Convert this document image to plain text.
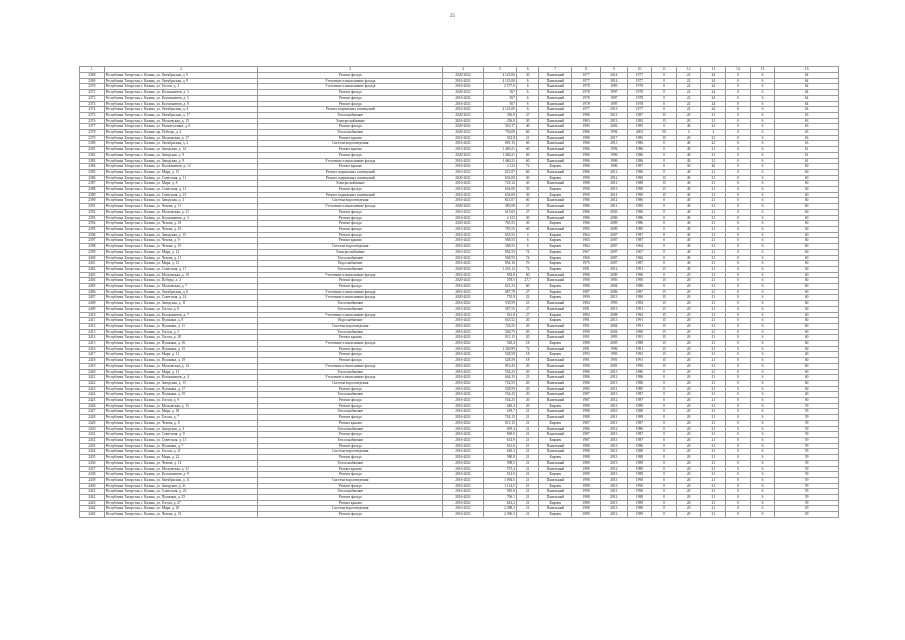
25
1	2	3	4	5	6	7	8	9	10	11	12	13	14	15	16
2368	Республика Татарстан, г. Казань, ул. Октябрьская, д. 9	Ремонт фасада	2020-2022	4 123,00	30	Панельный	1977	2014	1977	0	22	24	0	6	64
2369	Республика Татарстан, г. Казань, ул. Октябрьская, д. 9	Утепление и выполнение фасада	2016-2021	4 123,00	6	Панельный	1977	2014	1977	0	22	24	0	6	64
2370	Республика Татарстан, г. Казань, ул. Гоголя, д. 1	Утепление и выполнение фасада	2016-2021	2 577,0	6	Панельный	1978	1995	1978	0	22	24	0	6	64
2371	Республика Татарстан, г. Казань, ул. Космонавтов, д. 5	Ремонт фасада	2020-2021	567	6	Панельный	1978	1997	1978	0	22	24	0	6	64
2372	Республика Татарстан, г. Казань, ул. Космонавтов, д. 5	Ремонт фасада	2016-2021	567	6	Панельный	1978	1997	1978	0	22	24	0	6	64
2373	Республика Татарстан, г. Казань, ул. Космонавтов, д. 8	Ремонт фасада	2016-2021	567	6	Панельный	1978	1995	1978	0	22	24	0	6	64
2374	Республика Татарстан, г. Казань, ул. Октябрьская, д. 4	Ремонт подвальных помещений	2016-2021	4 123,00	6	Панельный	1977	2013	1977	0	22	24	0	6	64
2375	Республика Татарстан, г. Казань, ул. Октябрьская, д. 17	Теплоснабжение	2020-2021	356,8	27	Панельный	1980	2012	1987	15	20	21	0	6	63
2376	Республика Татарстан, г. Казань, ул. Московская, д. 15	Электроснабжение	2016-2021	356,8	30	Панельный	1983	2013	1983	15	20	21	0	6	63
2377	Республика Татарстан, г. Казань, ул. Рахматуллина, д. 6	Ремонт фасада	2020-2021	310,17	40	Панельный	1985	2002	1985	0	40	22	0	6	63
2378	Республика Татарстан, г. Казань, пр. Победы, д. 4	Теплоснабжение	2020-2021	756,00	60	Панельный	1986	1994	2003	50	4	3	0	6	63
2379	Республика Татарстан, г. Казань, ул. Московская, д. 17	Ремонт крыши	2016-2021	352,8	21	Панельный	1980	2017	1985	15	20	21	0	6	63
2380	Республика Татарстан, г. Казань, ул. Октябрьская, д. 2	Система водоотведения	2016-2021	801,15	60	Панельный	1986	2013	1986	0	40	22	0	6	63
2381	Республика Татарстан, г. Казань, ул. Заводская, д. 14	Ремонт крыши	2016-2021	1 460,21	60	Панельный	1986	1994	1986	0	40	21	0	6	61
2382	Республика Татарстан, г. Казань, ул. Заводская, д. 9	Ремонт фасада	2020-2021	1 460,21	60	Панельный	1986	1996	1986	0	40	21	0	6	61
2383	Республика Татарстан, г. Казань, ул. Заводская, д. 9	Утепление и выполнение фасада	2016-2021	1 460,21	60	Панельный	1986	1996	1986	0	40	21	0	6	61
2384	Республика Татарстан, г. Казань, ул. Космонавтов, д. 12	Ремонт крыши	2016-2021	4 123	72	Кирпич	1988	1996	1987	0	30	26	0	6	60
2385	Республика Татарстан, г. Казань, ул. Мира, д. 15	Ремонт подвальных помещений	2016-2021	821,07	60	Панельный	1986	2012	1986	0	40	21	0	6	60
2386	Республика Татарстан, г. Казань, ул. Советская, д. 11	Ремонт подвальных помещений	2020-2021	654,00	30	Кирпич	1990	2012	1990	15	40	21	0	6	60
2387	Республика Татарстан, г. Казань, ул. Мира, д. 8	Электроснабжение	2016-2021	723,12	45	Панельный	1988	2012	1988	15	40	21	0	6	60
2388	Республика Татарстан, г. Казань, ул. Советская, д. 13	Ремонт фасада	2016-2021	654,00	30	Кирпич	1990	2013	1990	15	40	21	0	6	60
2389	Республика Татарстан, г. Казань, ул. Советская, д. 15	Ремонт подвальных помещений	2016-2021	654,00	30	Кирпич	1990	2014	1990	15	40	21	0	6	60
2390	Республика Татарстан, г. Казань, ул. Заводская, д. 3	Система водоотведения	2016-2021	821,07	60	Панельный	1986	2012	1986	0	40	21	0	6	60
2391	Республика Татарстан, г. Казань, ул. Чехова, д. 11	Утепление и выполнение фасада	2020-2021	385,08	27	Панельный	1986	2011	1985	0	40	21	0	6	60
2392	Республика Татарстан, г. Казань, ул. Московская, д. 21	Ремонт фасада	2016-2021	615,65	27	Панельный	1986	2003	1986	0	40	21	0	6	60
2393	Республика Татарстан, г. Казань, ул. Космонавтов, д. 3	Ремонт фасада	2016-2021	4 123	30	Панельный	1986	2000	1986	0	40	21	0	6	60
2394	Республика Татарстан, г. Казань, ул. Чехова, д. 18	Ремонт фасада	2020-2021	765,55	20	Кирпич	1986	2009	1986	0	40	21	0	6	60
2395	Республика Татарстан, г. Казань, ул. Чехова, д. 10	Ремонт фасада	2016-2021	765,55	60	Панельный	1985	2009	1985	0	40	21	0	6	60
2396	Республика Татарстан, г. Казань, ул. Заводская, д. 15	Ремонт фасада	2016-2021	655,55	4	Кирпич	1964	2007	1987	0	40	21	0	6	60
2397	Республика Татарстан, г. Казань, ул. Чехова, д. 9	Ремонт крыши	2016-2021	568,55	6	Кирпич	1965	2007	1987	0	40	21	0	6	60
2398	Республика Татарстан, г. Казань, ул. Чехова, д. 10	Система водоотведения	2016-2021	568,55	6	Кирпич	1964	2007	1964	0	40	21	0	6	60
2399	Республика Татарстан, г. Казань, ул. Мира, д. 12	Электроснабжение	2016-2021	854,55	74	Кирпич	1967	2007	1967	0	40	21	0	6	60
2400	Республика Татарстан, г. Казань, ул. Чехова, д. 11	Теплоснабжение	2016-2021	568,55	74	Кирпич	1966	2007	1966	0	40	21	0	6	60
2401	Республика Татарстан, г. Казань, ул. Мира, д. 13	Водоснабжение	2016-2021	854,10	70	Кирпич	1975	2007	1987	0	40	21	0	6	60
2402	Республика Татарстан, г. Казань, ул. Советская, д. 17	Теплоснабжение	2020-2021	1 241,12	72	Кирпич	1991	2012	1991	15	40	21	0	6	60
2403	Республика Татарстан, г. Казань, ул. Московская, д. 19	Утепление и выполнение фасада	2016-2021	584,8	60	Панельный	1986	2009	1986	0	20	21	0	6	60
2404	Республика Татарстан, г. Казань, ул. Победы, д. 2	Ремонт фасада	2020-2021	578,5	27,7	Панельный	1990	1993	1990	15	20	21	0	6	60
2405	Республика Татарстан, г. Казань, ул. Московская, д. 7	Ремонт фасада	2016-2021	621,23	60	Кирпич	1986	2004	1986	0	20	21	0	6	60
2406	Республика Татарстан, г. Казань, ул. Октябрьская, д. 6	Утепление и выполнение фасада	2016-2021	687,78	27	Кирпич	1987	2006	1987	15	20	21	0	6	60
2407	Республика Татарстан, г. Казань, ул. Советская, д. 14	Утепление и выполнение фасада	2020-2021	735,8	22	Кирпич	1990	2013	1990	15	20	21	0	6	60
2408	Республика Татарстан, г. Казань, ул. Заводская, д. 11	Теплоснабжение	2016-2021	539,59	23	Панельный	1984	1993	1984	15	20	21	0	6	60
2409	Республика Татарстан, г. Казань, ул. Гоголя, д. 8	Теплоснабжение	2016-2021	567,55	27	Панельный	1991	2013	1991	15	20	21	0	6	60
2410	Республика Татарстан, г. Казань, ул. Космонавтов, д. 7	Утепление и выполнение фасада	2016-2021	541,8	27	Кирпич	1984	2008	1984	15	20	21	0	6	60
2411	Республика Татарстан, г. Казань, ул. Пушкина, д. 8	Водоснабжение	2016-2021	635,52	20	Кирпич	1991	2013	1991	15	20	21	0	6	60
2412	Республика Татарстан, г. Казань, ул. Пушкина, д. 11	Система водоотведения	2016-2021	724,55	20	Панельный	1991	2004	1991	15	20	21	0	6	60
2413	Республика Татарстан, г. Казань, ул. Гоголя, д. 3	Теплоснабжение	2016-2021	540,75	20	Панельный	1990	2004	1990	15	20	21	0	6	60
2414	Республика Татарстан, г. Казань, ул. Гоголя, д. 18	Ремонт крыши	2016-2021	811,15	20	Панельный	1991	1993	1991	15	20	21	0	6	60
2415	Республика Татарстан, г. Казань, ул. Пушкина, д. 16	Утепление и выполнение фасада	2016-2021	520,4	18	Кирпич	1988	2005	1988	15	20	21	0	6	60
2416	Республика Татарстан, г. Казань, ул. Пушкина, д. 15	Ремонт фасада	2016-2021	1 340,99	72	Панельный	1991	1996	1991	15	20	21	0	6	60
2417	Республика Татарстан, г. Казань, ул. Мира, д. 11	Ремонт фасада	2016-2021	528,59	18	Кирпич	1993	1993	1993	15	20	21	0	6	60
2418	Республика Татарстан, г. Казань, ул. Пушкина, д. 19	Ремонт фасада	2016-2021	528,59	18	Панельный	1991	1991	1991	15	20	21	0	6	60
2419	Республика Татарстан, г. Казань, ул. Московская, д. 14	Утепление и выполнение фасада	2016-2021	810,43	20	Панельный	1990	2001	1990	15	20	21	0	6	60
2420	Республика Татарстан, г. Казань, ул. Мира, д. 13	Теплоснабжение	2016-2021	554,25	20	Панельный	1986	2013	1986	0	20	21	0	6	60
2421	Республика Татарстан, г. Казань, ул. Космонавтов, д. 4	Утепление и выполнение фасада	2016-2021	644,15	21	Панельный	1986	2012	1986	0	20	21	0	6	60
2422	Республика Татарстан, г. Казань, ул. Заводская, д. 13	Система водоотведения	2016-2021	724,55	20	Панельный	1986	2013	1986	0	20	21	0	6	60
2423	Республика Татарстан, г. Казань, ул. Пушкина, д. 17	Ремонт фасада	2016-2021	528,59	20	Панельный	1985	2011	1985	0	20	21	0	6	60
2424	Республика Татарстан, г. Казань, ул. Пушкина, д. 19	Теплоснабжение	2016-2021	554,25	20	Панельный	1987	2013	1987	0	20	21	0	6	60
2425	Республика Татарстан, г. Казань, ул. Гоголя, д. 9	Ремонт фасада	2016-2021	554,25	20	Панельный	1987	2012	1987	0	20	21	0	6	60
2426	Республика Татарстан, г. Казань, ул. Московская, д. 15	Ремонт фасада	2016-2021	640,4	20	Кирпич	1989	2013	1989	0	20	21	0	6	59
2427	Республика Татарстан, г. Казань, ул. Мира, д. 18	Теплоснабжение	2016-2021	618,7	21	Панельный	1988	2010	1988	0	20	21	0	6	59
2428	Республика Татарстан, г. Казань, ул. Гоголя, д. 7	Ремонт фасада	2016-2021	742,15	21	Панельный	1988	2011	1988	0	20	21	0	6	59
2429	Республика Татарстан, г. Казань, ул. Чехова, д. 8	Ремонт крыши	2016-2021	811,15	21	Кирпич	1987	2011	1987	0	20	21	0	6	59
2430	Республика Татарстан, г. Казань, ул. Заводская, д. 3	Теплоснабжение	2016-2021	695,4	21	Панельный	1986	2012	1986	0	20	21	0	6	59
2431	Республика Татарстан, г. Казань, ул. Советская, д. 9	Ремонт фасада	2016-2021	600,0	21	Панельный	1987	2013	1987	0	20	21	0	6	59
2432	Республика Татарстан, г. Казань, ул. Советская, д. 11	Теплоснабжение	2016-2021	633,9	21	Кирпич	1987	2013	1987	0	20	21	0	6	59
2433	Республика Татарстан, г. Казань, ул. Пушкина, д. 7	Ремонт фасада	2016-2021	541,6	21	Панельный	1986	2013	1986	0	20	21	0	6	59
2434	Республика Татарстан, г. Казань, ул. Гоголя, д. 11	Система водоотведения	2016-2021	620,3	21	Панельный	1988	2012	1988	0	20	21	0	6	59
2435	Республика Татарстан, г. Казань, ул. Мира, д. 22	Ремонт фасада	2016-2021	580,8	21	Кирпич	1988	2013	1988	0	20	21	0	6	59
2436	Республика Татарстан, г. Казань, ул. Чехова, д. 14	Теплоснабжение	2016-2021	598,5	21	Панельный	1989	2013	1989	0	20	21	0	6	59
2437	Республика Татарстан, г. Казань, ул. Московская, д. 21	Ремонт крыши	2016-2021	575,4	21	Панельный	1989	2012	1989	0	20	21	0	6	59
2438	Республика Татарстан, г. Казань, ул. Космонавтов, д. 9	Ремонт фасада	2016-2021	612,0	21	Кирпич	1989	2013	1989	0	20	21	0	6	59
2439	Республика Татарстан, г. Казань, ул. Октябрьская, д. 11	Система водоотведения	2016-2021	1 094,5	21	Панельный	1990	2013	1990	0	20	21	0	6	59
2440	Республика Татарстан, г. Казань, ул. Заводская, д. 21	Ремонт фасада	2016-2021	1 114,5	21	Кирпич	1990	2013	1990	0	20	21	0	6	59
2441	Республика Татарстан, г. Казань, ул. Советская, д. 23	Теплоснабжение	2016-2021	583,6	21	Панельный	1990	2011	1990	0	20	21	0	6	59
2442	Республика Татарстан, г. Казань, ул. Пушкина, д. 25	Ремонт фасада	2016-2021	706,1	21	Панельный	1988	2012	1988	0	20	21	0	6	59
2443	Республика Татарстан, г. Казань, ул. Гоголя, д. 27	Ремонт крыши	2016-2021	643,2	21	Кирпич	1989	2013	1989	0	20	21	0	6	59
2444	Республика Татарстан, г. Казань, ул. Мира, д. 29	Система водоотведения	2016-2021	2 388,3	21	Панельный	1988	2013	1988	0	20	21	0	6	59
2445	Республика Татарстан, г. Казань, ул. Чехова, д. 31	Ремонт фасада	2016-2021	2 396,5	21	Кирпич	1989	2012	1989	0	20	21	0	6	59
